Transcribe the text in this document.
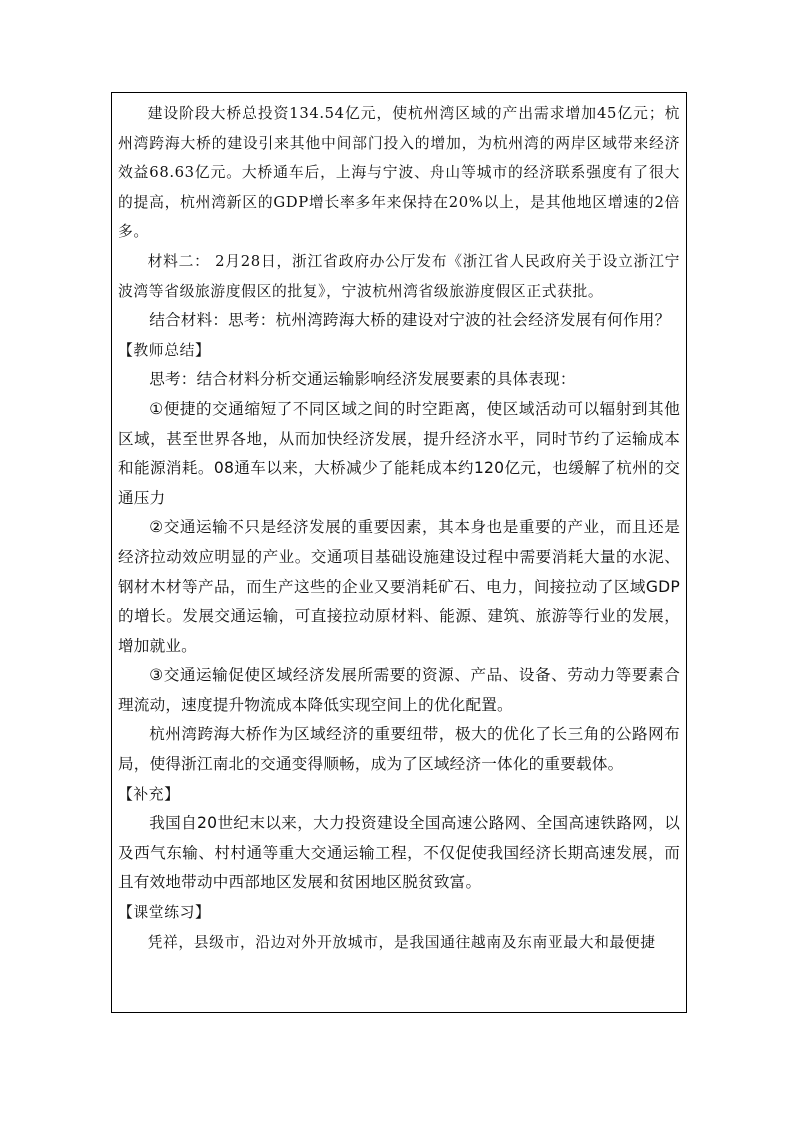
建设阶段大桥总投资134.54亿元，使杭州湾区域的产出需求增加45亿元；杭州湾跨海大桥的建设引来其他中间部门投入的增加，为杭州湾的两岸区域带来经济效益68.63亿元。大桥通车后，上海与宁波、舟山等城市的经济联系强度有了很大的提高，杭州湾新区的GDP增长率多年来保持在20%以上，是其他地区增速的2倍多。

材料二： 2月28日，浙江省政府办公厅发布《浙江省人民政府关于设立浙江宁波湾等省级旅游度假区的批复》，宁波杭州湾省级旅游度假区正式获批。

结合材料：思考：杭州湾跨海大桥的建设对宁波的社会经济发展有何作用？

【教师总结】

思考：结合材料分析交通运输影响经济发展要素的具体表现：

①便捷的交通缩短了不同区域之间的时空距离，使区域活动可以辐射到其他区域，甚至世界各地，从而加快经济发展，提升经济水平，同时节约了运输成本和能源消耗。08通车以来，大桥减少了能耗成本约120亿元，也缓解了杭州的交通压力

②交通运输不只是经济发展的重要因素，其本身也是重要的产业，而且还是经济拉动效应明显的产业。交通项目基础设施建设过程中需要消耗大量的水泥、钢材木材等产品，而生产这些的企业又要消耗矿石、电力，间接拉动了区域GDP的增长。发展交通运输，可直接拉动原材料、能源、建筑、旅游等行业的发展，增加就业。

③交通运输促使区域经济发展所需要的资源、产品、设备、劳动力等要素合理流动，速度提升物流成本降低实现空间上的优化配置。

杭州湾跨海大桥作为区域经济的重要纽带，极大的优化了长三角的公路网布局，使得浙江南北的交通变得顺畅，成为了区域经济一体化的重要载体。

【补充】

我国自20世纪末以来，大力投资建设全国高速公路网、全国高速铁路网，以及西气东输、村村通等重大交通运输工程，不仅促使我国经济长期高速发展，而且有效地带动中西部地区发展和贫困地区脱贫致富。

【课堂练习】

凭祥，县级市，沿边对外开放城市，是我国通往越南及东南亚最大和最便捷
